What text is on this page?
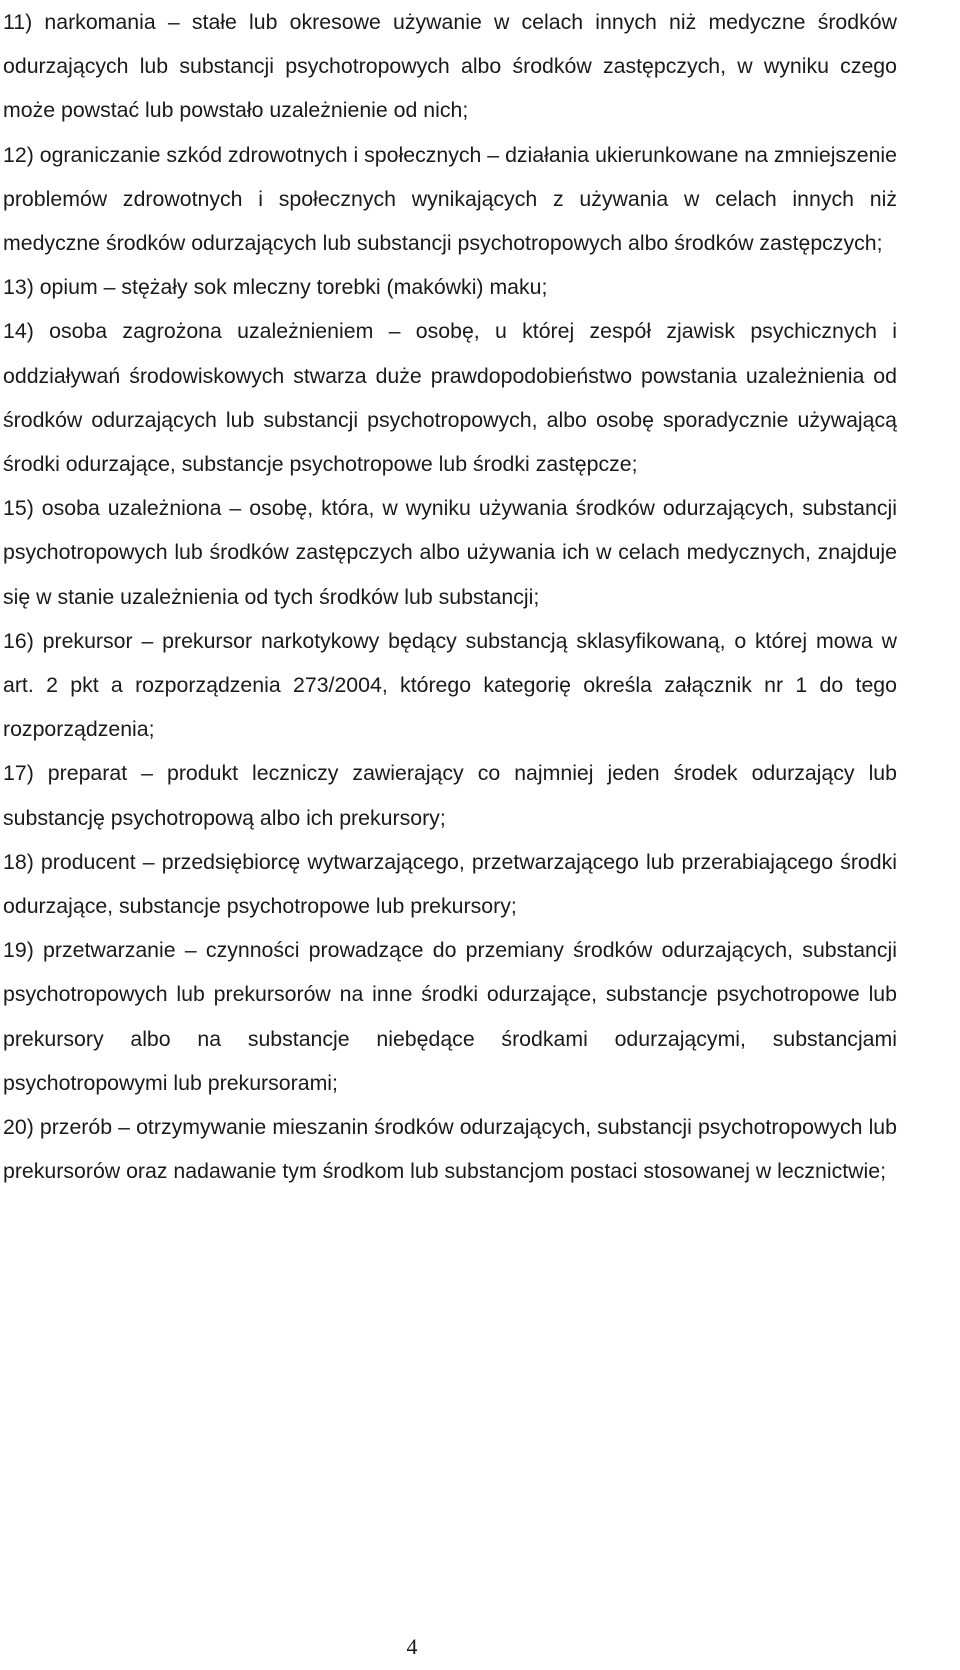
11) narkomania – stałe lub okresowe używanie w celach innych niż medyczne środków odurzających lub substancji psychotropowych albo środków zastępczych, w wyniku czego może powstać lub powstało uzależnienie od nich;

12) ograniczanie szkód zdrowotnych i społecznych – działania ukierunkowane na zmniejszenie problemów zdrowotnych i społecznych wynikających z używania w celach innych niż medyczne środków odurzających lub substancji psychotropowych albo środków zastępczych;

13) opium – stężały sok mleczny torebki (makówki) maku;

14) osoba zagrożona uzależnieniem – osobę, u której zespół zjawisk psychicznych i oddziaływań środowiskowych stwarza duże prawdopodobieństwo powstania uzależnienia od środków odurzających lub substancji psychotropowych, albo osobę sporadycznie używającą środki odurzające, substancje psychotropowe lub środki zastępcze;

15) osoba uzależniona – osobę, która, w wyniku używania środków odurzających, substancji psychotropowych lub środków zastępczych albo używania ich w celach medycznych, znajduje się w stanie uzależnienia od tych środków lub substancji;

16) prekursor – prekursor narkotykowy będący substancją sklasyfikowaną, o której mowa w art. 2 pkt a rozporządzenia 273/2004, którego kategorię określa załącznik nr 1 do tego rozporządzenia;

17) preparat – produkt leczniczy zawierający co najmniej jeden środek odurzający lub substancję psychotropową albo ich prekursory;

18) producent – przedsiębiorcę wytwarzającego, przetwarzającego lub przerabiającego środki odurzające, substancje psychotropowe lub prekursory;

19) przetwarzanie – czynności prowadzące do przemiany środków odurzających, substancji psychotropowych lub prekursorów na inne środki odurzające, substancje psychotropowe lub prekursory albo na substancje niebędące środkami odurzającymi, substancjami psychotropowymi lub prekursorami;

20) przerób – otrzymywanie mieszanin środków odurzających, substancji psychotropowych lub prekursorów oraz nadawanie tym środkom lub substancjom postaci stosowanej w lecznictwie;

4
